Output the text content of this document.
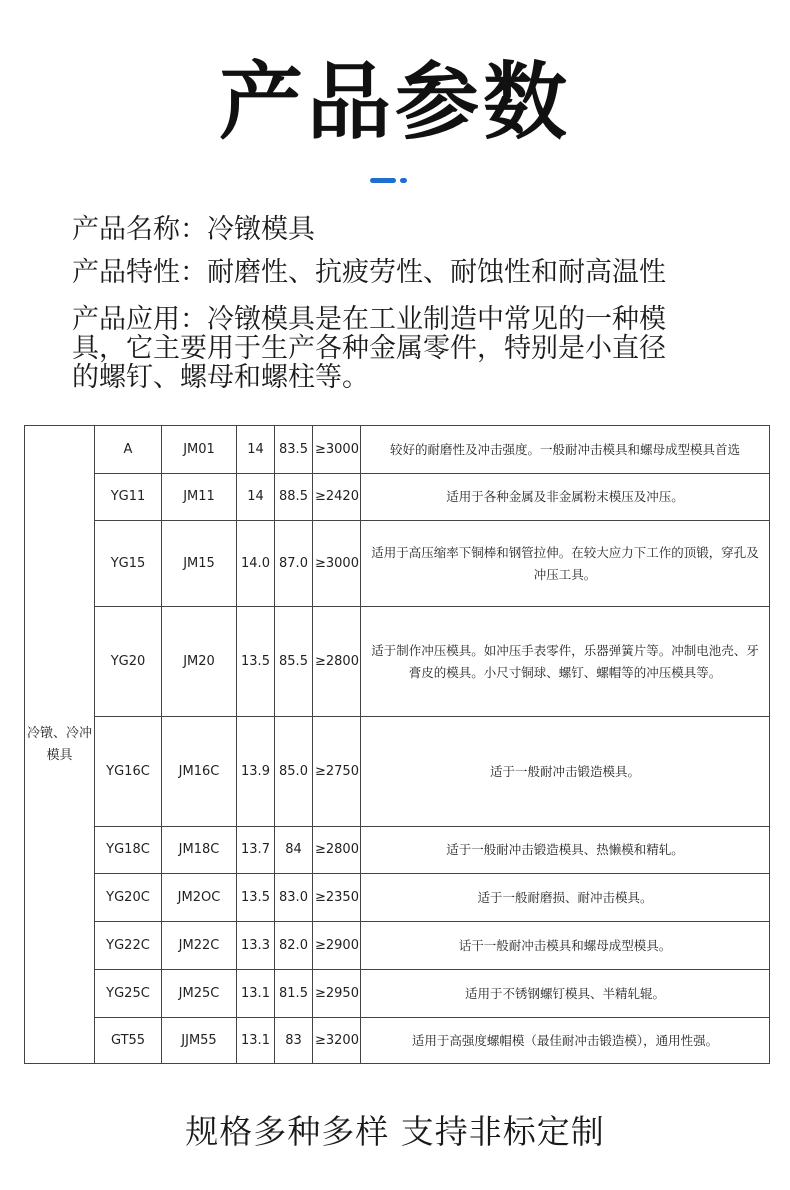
产品参数
产品名称：冷镦模具
产品特性：耐磨性、抗疲劳性、耐蚀性和耐高温性
产品应用：冷镦模具是在工业制造中常见的一种模
具，它主要用于生产各种金属零件，特别是小直径
的螺钉、螺母和螺柱等。
冷镦、冷冲模具	A	JM01	14	83.5	≥3000	较好的耐磨性及冲击强度。一般耐冲击模具和螺母成型模具首选
	YG11	JM11	14	88.5	≥2420	适用于各种金属及非金属粉末模压及冲压。
	YG15	JM15	14.0	87.0	≥3000	适用于高压缩率下铜棒和钢管拉伸。在较大应力下工作的顶锻，穿孔及冲压工具。
	YG20	JM20	13.5	85.5	≥2800	适于制作冲压模具。如冲压手表零件，乐器弹簧片等。冲制电池壳、牙膏皮的模具。小尺寸铜球、螺钉、螺帽等的冲压模具等。
	YG16C	JM16C	13.9	85.0	≥2750	适于一般耐冲击锻造模具。
	YG18C	JM18C	13.7	84	≥2800	适于一般耐冲击锻造模具、热懒模和精轧。
	YG20C	JM2OC	13.5	83.0	≥2350	适于一般耐磨损、耐冲击模具。
	YG22C	JM22C	13.3	82.0	≥2900	话干一般耐冲击模具和螺母成型模具。
	YG25C	JM25C	13.1	81.5	≥2950	适用于不锈钢螺钉模具、半精轧辊。
	GT55	JJM55	13.1	83	≥3200	适用于高强度螺帽模（最佳耐冲击锻造模），通用性强。
规格多种多样 支持非标定制
